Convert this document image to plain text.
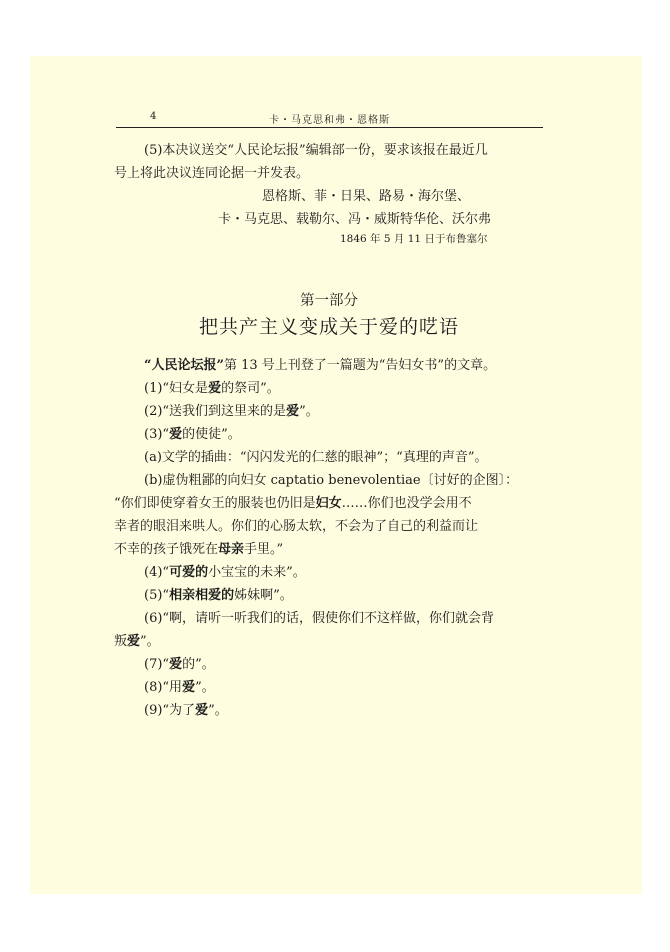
4	卡・马克思和弗・恩格斯
(5)本决议送交“人民论坛报”编辑部一份，要求该报在最近几
号上将此决议连同论据一并发表。
恩格斯、菲・日果、路易・海尔堡、
卡・马克思、载勒尔、冯・威斯特华伦、沃尔弗
1846 年 5 月 11 日于布鲁塞尔
第一部分
把共产主义变成关于爱的呓语
“人民论坛报”第 13 号上刊登了一篇题为“告妇女书”的文章。
(1)“妇女是爱的祭司”。
(2)“送我们到这里来的是爱”。
(3)“爱的使徒”。
(a)文学的插曲：“闪闪发光的仁慈的眼神”；“真理的声音”。
(b)虚伪粗鄙的向妇女 captatio benevolentiae〔讨好的企图〕：
“你们即使穿着女王的服装也仍旧是妇女……你们也没学会用不
幸者的眼泪来哄人。你们的心肠太软，不会为了自己的利益而让
不幸的孩子饿死在母亲手里。”
(4)“可爱的小宝宝的未来”。
(5)“相亲相爱的姊妹啊”。
(6)“啊，请听一听我们的话，假使你们不这样做，你们就会背
叛爱”。
(7)“爱的”。
(8)“用爱”。
(9)“为了爱”。
